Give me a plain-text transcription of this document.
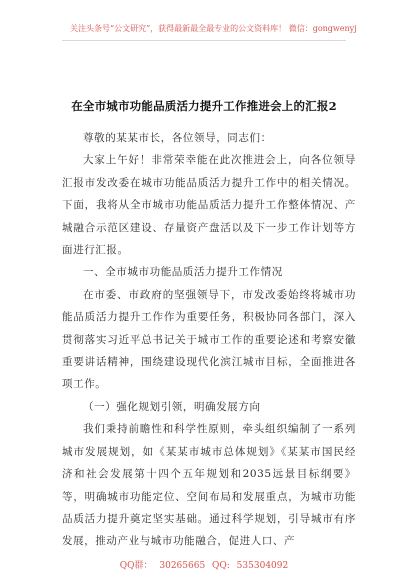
关注头条号“公文研究”，获得最新最全最专业的公文资料库！ 微信：gongwenyj
在全市城市功能品质活力提升工作推进会上的汇报2

尊敬的某某市长，各位领导，同志们：

大家上午好！非常荣幸能在此次推进会上，向各位领导汇报市发改委在城市功能品质活力提升工作中的相关情况。下面，我将从全市城市功能品质活力提升工作整体情况、产城融合示范区建设、存量资产盘活以及下一步工作计划等方面进行汇报。

一、全市城市功能品质活力提升工作情况

在市委、市政府的坚强领导下，市发改委始终将城市功能品质活力提升工作作为重要任务，积极协同各部门，深入贯彻落实习近平总书记关于城市工作的重要论述和考察安徽重要讲话精神，围绕建设现代化滨江城市目标，全面推进各项工作。

（一）强化规划引领，明确发展方向

我们秉持前瞻性和科学性原则，牵头组织编制了一系列城市发展规划，如《某某市城市总体规划》《某某市国民经济和社会发展第十四个五年规划和2035远景目标纲要》等，明确城市功能定位、空间布局和发展重点，为城市功能品质活力提升奠定坚实基础。通过科学规划，引导城市有序发展，推动产业与城市功能融合，促进人口、产

QQ群： 30265665 QQ: 535304092
